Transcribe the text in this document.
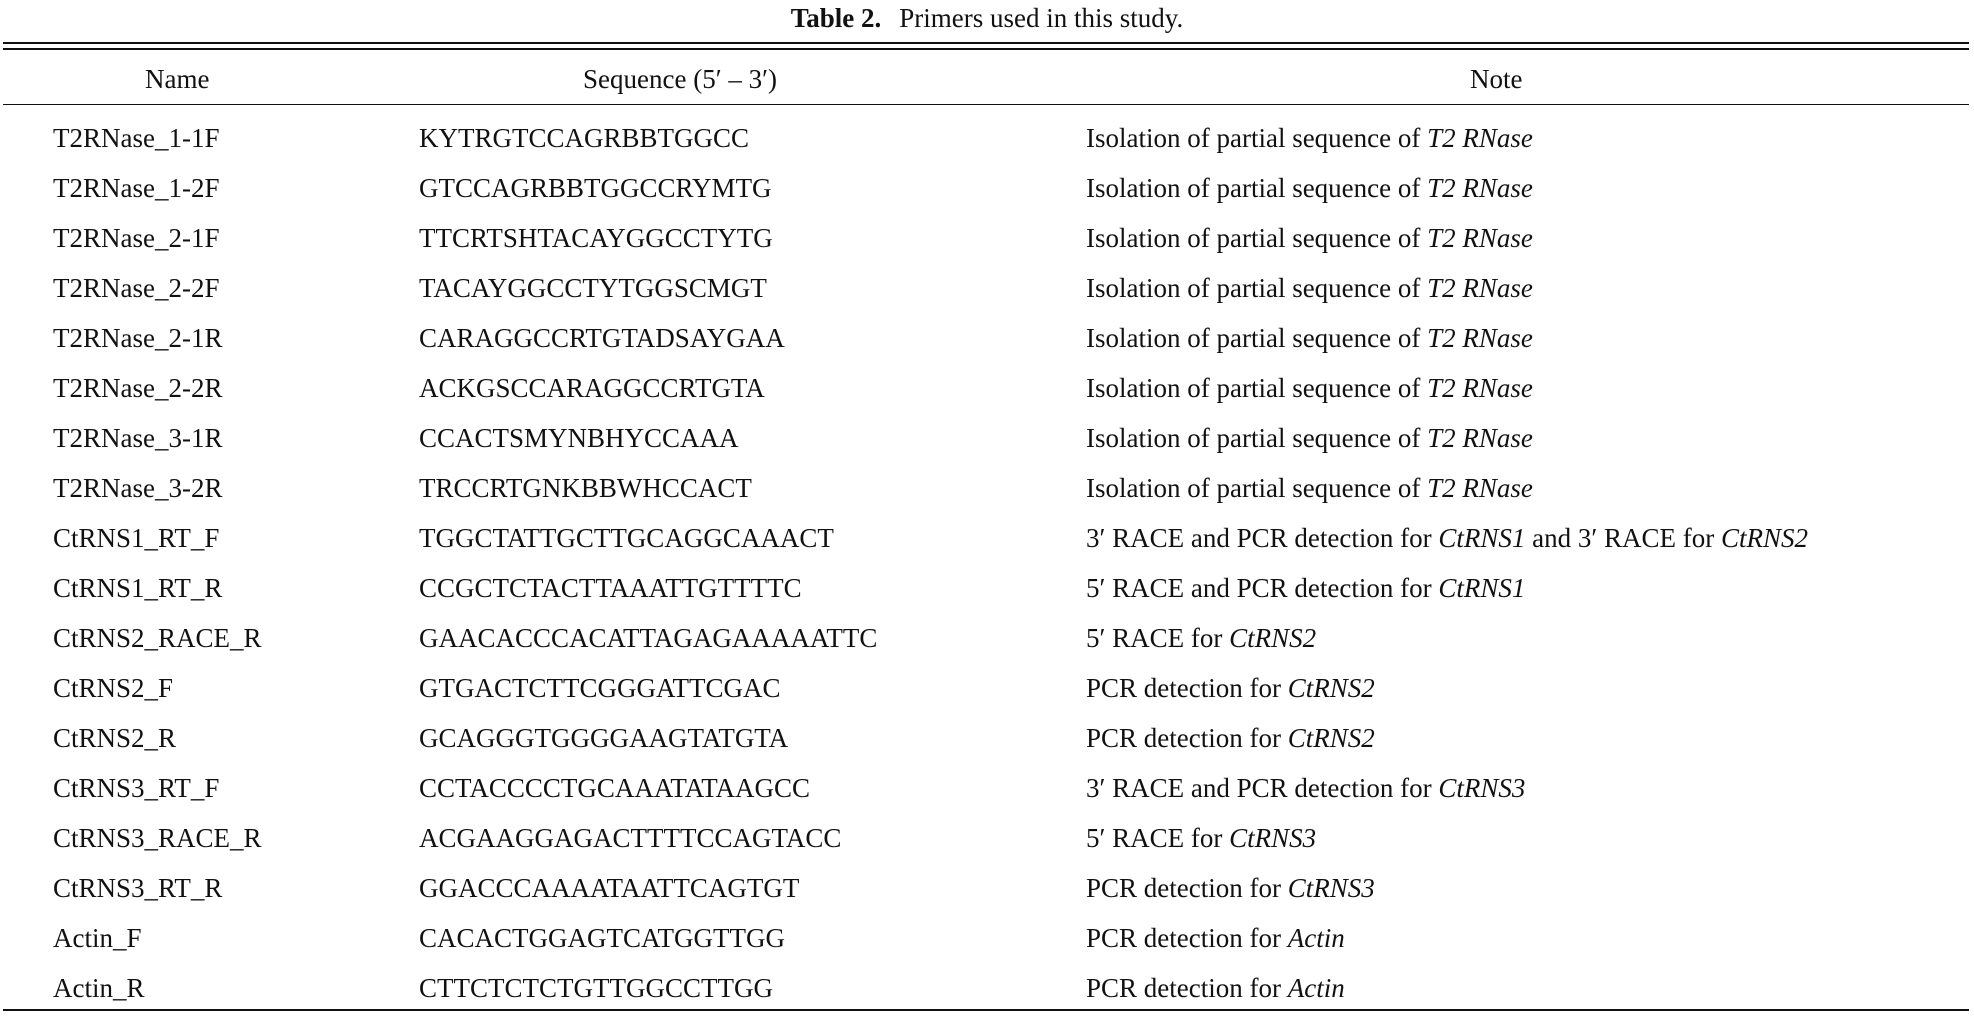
Table 2. Primers used in this study.
Name	Sequence (5′ – 3′)	Note
T2RNase_1-1F	KYTRGTCCAGRBBTGGCC	Isolation of partial sequence of T2 RNase
T2RNase_1-2F	GTCCAGRBBTGGCCRYMTG	Isolation of partial sequence of T2 RNase
T2RNase_2-1F	TTCRTSHTACAYGGCCTYTG	Isolation of partial sequence of T2 RNase
T2RNase_2-2F	TACAYGGCCTYTGGSCMGT	Isolation of partial sequence of T2 RNase
T2RNase_2-1R	CARAGGCCRTGTADSAYGAA	Isolation of partial sequence of T2 RNase
T2RNase_2-2R	ACKGSCCARAGGCCRTGTA	Isolation of partial sequence of T2 RNase
T2RNase_3-1R	CCACTSMYNBHYCCAAA	Isolation of partial sequence of T2 RNase
T2RNase_3-2R	TRCCRTGNKBBWHCCACT	Isolation of partial sequence of T2 RNase
CtRNS1_RT_F	TGGCTATTGCTTGCAGGCAAACT	3′ RACE and PCR detection for CtRNS1 and 3′ RACE for CtRNS2
CtRNS1_RT_R	CCGCTCTACTTAAATTGTTTTC	5′ RACE and PCR detection for CtRNS1
CtRNS2_RACE_R	GAACACCCACATTAGAGAAAAATTC	5′ RACE for CtRNS2
CtRNS2_F	GTGACTCTTCGGGATTCGAC	PCR detection for CtRNS2
CtRNS2_R	GCAGGGTGGGGAAGTATGTA	PCR detection for CtRNS2
CtRNS3_RT_F	CCTACCCCTGCAAATATAAGCC	3′ RACE and PCR detection for CtRNS3
CtRNS3_RACE_R	ACGAAGGAGACTTTTCCAGTACC	5′ RACE for CtRNS3
CtRNS3_RT_R	GGACCCAAAATAATTCAGTGT	PCR detection for CtRNS3
Actin_F	CACACTGGAGTCATGGTTGG	PCR detection for Actin
Actin_R	CTTCTCTCTGTTGGCCTTGG	PCR detection for Actin
